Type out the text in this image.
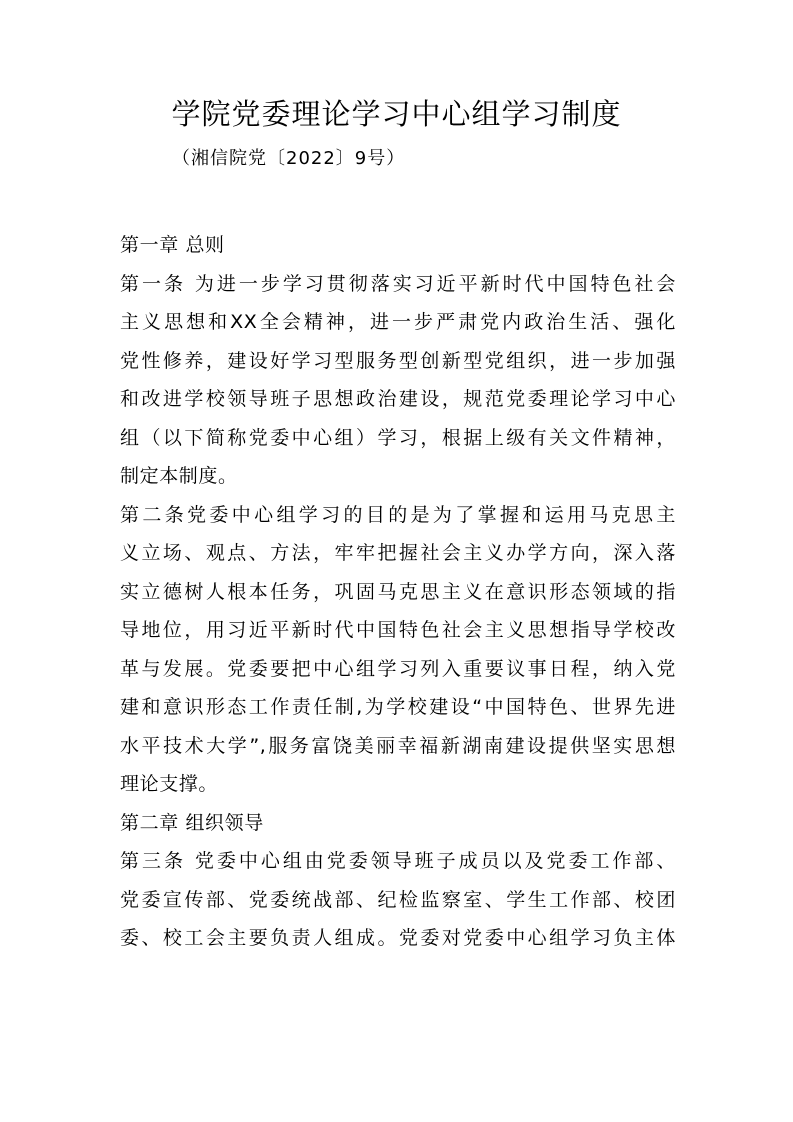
学院党委理论学习中心组学习制度
（湘信院党〔2022〕9号）
第一章 总则
第一条 为进一步学习贯彻落实习近平新时代中国特色社会
主义思想和XX全会精神，进一步严肃党内政治生活、强化
党性修养，建设好学习型服务型创新型党组织，进一步加强
和改进学校领导班子思想政治建设，规范党委理论学习中心
组（以下简称党委中心组）学习，根据上级有关文件精神，
制定本制度。
第二条党委中心组学习的目的是为了掌握和运用马克思主
义立场、观点、方法，牢牢把握社会主义办学方向，深入落
实立德树人根本任务，巩固马克思主义在意识形态领域的指
导地位，用习近平新时代中国特色社会主义思想指导学校改
革与发展。党委要把中心组学习列入重要议事日程，纳入党
建和意识形态工作责任制,为学校建设“中国特色、世界先进
水平技术大学”,服务富饶美丽幸福新湖南建设提供坚实思想
理论支撑。
第二章 组织领导
第三条 党委中心组由党委领导班子成员以及党委工作部、
党委宣传部、党委统战部、纪检监察室、学生工作部、校团
委、校工会主要负责人组成。党委对党委中心组学习负主体
